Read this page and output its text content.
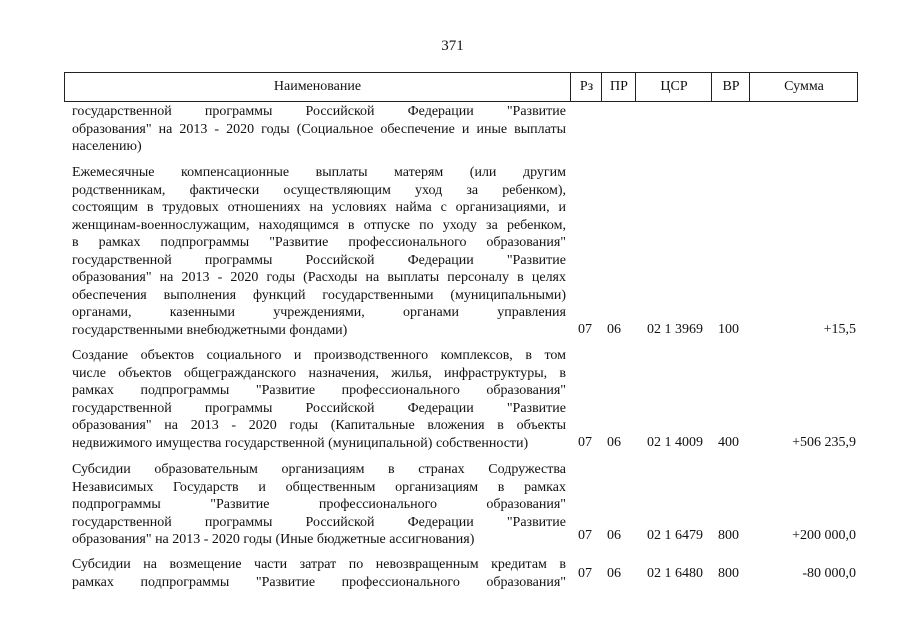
371
Наименование	Рз	ПР	ЦСР	ВР	Сумма
государственной программы Российской Федерации "Развитие
образования" на 2013 - 2020 годы (Социальное обеспечение и иные выплаты
населению)
Ежемесячные компенсационные выплаты матерям (или другим
родственникам, фактически осуществляющим уход за ребенком),
состоящим в трудовых отношениях на условиях найма с организациями, и
женщинам-военнослужащим, находящимся в отпуске по уходу за ребенком,
в рамках подпрограммы "Развитие профессионального образования"
государственной программы Российской Федерации "Развитие
образования" на 2013 - 2020 годы (Расходы на выплаты персоналу в целях
обеспечения выполнения функций государственными (муниципальными)
органами, казенными учреждениями, органами управления
государственными внебюджетными фондами)	07 06 02 1 3969 100	+15,5
Создание объектов социального и производственного комплексов, в том
числе объектов общегражданского назначения, жилья, инфраструктуры, в
рамках подпрограммы "Развитие профессионального образования"
государственной программы Российской Федерации "Развитие
образования" на 2013 - 2020 годы (Капитальные вложения в объекты
недвижимого имущества государственной (муниципальной) собственности)	07 06 02 1 4009 400	+506 235,9
Субсидии образовательным организациям в странах Содружества
Независимых Государств и общественным организациям в рамках
подпрограммы "Развитие профессионального образования"
государственной программы Российской Федерации "Развитие
образования" на 2013 - 2020 годы (Иные бюджетные ассигнования)	07 06 02 1 6479 800	+200 000,0
Субсидии на возмещение части затрат по невозвращенным кредитам в
рамках подпрограммы "Развитие профессионального образования"
07 06 02 1 6480 800	-80 000,0
